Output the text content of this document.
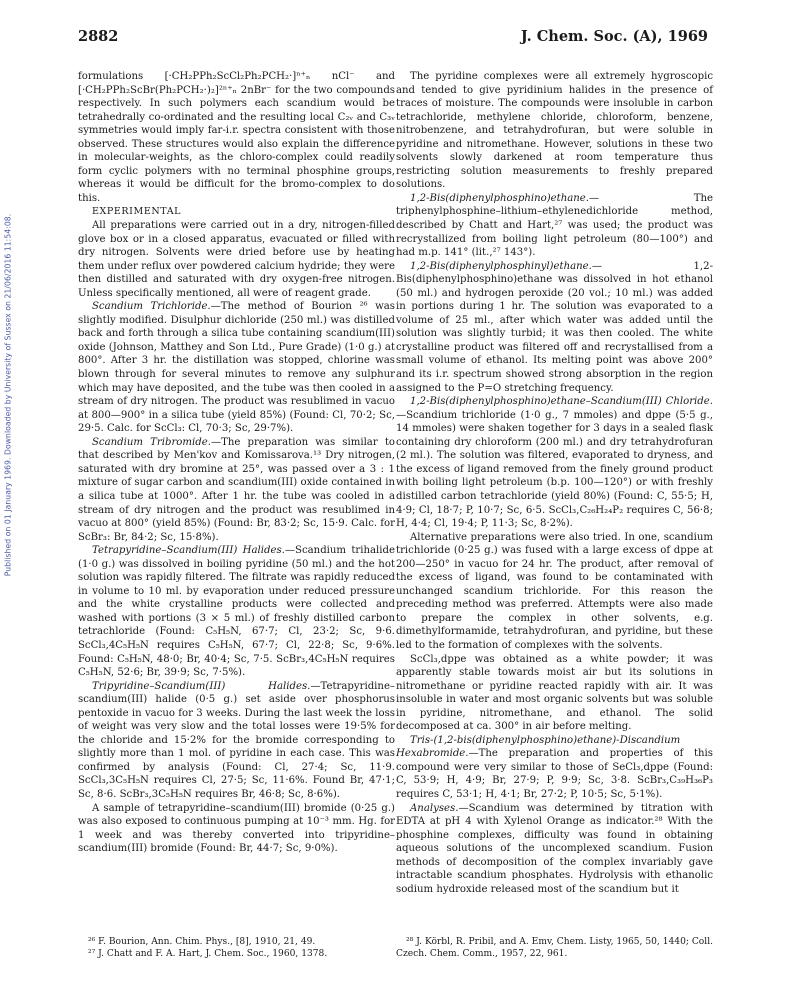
Published on 01 January 1969. Downloaded by University of Sussex on 21/06/2016 11:54:08.
2882	J. Chem. Soc. (A), 1969

formulations [·CH₂PPh₂ScCl₂Ph₂PCH₂·]ⁿ⁺ₙ nCl⁻ and [·CH₂PPh₂ScBr(Ph₂PCH₂·)₂]²ⁿ⁺ₙ 2nBr⁻ for the two compounds respectively. In such polymers each scandium would be tetrahedrally co-ordinated and the resulting local C₂ᵥ and C₃ᵥ symmetries would imply far-i.r. spectra consistent with those observed. These structures would also explain the difference in molecular-weights, as the chloro-complex could readily form cyclic polymers with no terminal phosphine groups, whereas it would be difficult for the bromo-complex to do this.

EXPERIMENTAL

All preparations were carried out in a dry, nitrogen-filled glove box or in a closed apparatus, evacuated or filled with dry nitrogen. Solvents were dried before use by heating them under reflux over powdered calcium hydride; they were then distilled and saturated with dry oxygen-free nitrogen. Unless specifically mentioned, all were of reagent grade.

Scandium Trichloride.—The method of Bourion ²⁶ was slightly modified. Disulphur dichloride (250 ml.) was distilled back and forth through a silica tube containing scandium(III) oxide (Johnson, Matthey and Son Ltd., Pure Grade) (1·0 g.) at 800°. After 3 hr. the distillation was stopped, chlorine was blown through for several minutes to remove any sulphur which may have deposited, and the tube was then cooled in a stream of dry nitrogen. The product was resublimed in vacuo at 800—900° in a silica tube (yield 85%) (Found: Cl, 70·2; Sc, 29·5. Calc. for ScCl₃: Cl, 70·3; Sc, 29·7%).

Scandium Tribromide.—The preparation was similar to that described by Men'kov and Komissarova.¹³ Dry nitrogen, saturated with dry bromine at 25°, was passed over a 3 : 1 mixture of sugar carbon and scandium(III) oxide contained in a silica tube at 1000°. After 1 hr. the tube was cooled in a stream of dry nitrogen and the product was resublimed in vacuo at 800° (yield 85%) (Found: Br, 83·2; Sc, 15·9. Calc. for ScBr₃: Br, 84·2; Sc, 15·8%).

Tetrapyridine–Scandium(III) Halides.—Scandium trihalide (1·0 g.) was dissolved in boiling pyridine (50 ml.) and the hot solution was rapidly filtered. The filtrate was rapidly reduced in volume to 10 ml. by evaporation under reduced pressure and the white crystalline products were collected and washed with portions (3 × 5 ml.) of freshly distilled carbon tetrachloride (Found: C₅H₅N, 67·7; Cl, 23·2; Sc, 9·6. ScCl₃,4C₅H₅N requires C₅H₅N, 67·7; Cl, 22·8; Sc, 9·6%. Found: C₅H₅N, 48·0; Br, 40·4; Sc, 7·5. ScBr₃,4C₅H₅N requires C₅H₅N, 52·6; Br, 39·9; Sc, 7·5%).

Tripyridine–Scandium(III) Halides.—Tetrapyridine–scandium(III) halide (0·5 g.) set aside over phosphorus pentoxide in vacuo for 3 weeks. During the last week the loss of weight was very slow and the total losses were 19·5% for the chloride and 15·2% for the bromide corresponding to slightly more than 1 mol. of pyridine in each case. This was confirmed by analysis (Found: Cl, 27·4; Sc, 11·9. ScCl₃,3C₅H₅N requires Cl, 27·5; Sc, 11·6%. Found Br, 47·1; Sc, 8·6. ScBr₃,3C₅H₅N requires Br, 46·8; Sc, 8·6%).

A sample of tetrapyridine–scandium(III) bromide (0·25 g.) was also exposed to continuous pumping at 10⁻³ mm. Hg. for 1 week and was thereby converted into tripyridine–scandium(III) bromide (Found: Br, 44·7; Sc, 9·0%).

The pyridine complexes were all extremely hygroscopic and tended to give pyridinium halides in the presence of traces of moisture. The compounds were insoluble in carbon tetrachloride, methylene chloride, chloroform, benzene, nitrobenzene, and tetrahydrofuran, but were soluble in pyridine and nitromethane. However, solutions in these two solvents slowly darkened at room temperature thus restricting solution measurements to freshly prepared solutions.

1,2-Bis(diphenylphosphino)ethane.— The triphenylphosphine–lithium–ethylenedichloride method, described by Chatt and Hart,²⁷ was used; the product was recrystallized from boiling light petroleum (80—100°) and had m.p. 141° (lit.,²⁷ 143°).

1,2-Bis(diphenylphosphinyl)ethane.— 1,2-Bis(diphenylphosphino)ethane was dissolved in hot ethanol (50 ml.) and hydrogen peroxide (20 vol.; 10 ml.) was added in portions during 1 hr. The solution was evaporated to a volume of 25 ml., after which water was added until the solution was slightly turbid; it was then cooled. The white crystalline product was filtered off and recrystallised from a small volume of ethanol. Its melting point was above 200° and its i.r. spectrum showed strong absorption in the region assigned to the P=O stretching frequency.

1,2-Bis(diphenylphosphino)ethane–Scandium(III) Chloride.—Scandium trichloride (1·0 g., 7 mmoles) and dppe (5·5 g., 14 mmoles) were shaken together for 3 days in a sealed flask containing dry chloroform (200 ml.) and dry tetrahydrofuran (2 ml.). The solution was filtered, evaporated to dryness, and the excess of ligand removed from the finely ground product with boiling light petroleum (b.p. 100—120°) or with freshly distilled carbon tetrachloride (yield 80%) (Found: C, 55·5; H, 4·9; Cl, 18·7; P, 10·7; Sc, 6·5. ScCl₃,C₂₆H₂₄P₂ requires C, 56·8; H, 4·4; Cl, 19·4; P, 11·3; Sc, 8·2%).

Alternative preparations were also tried. In one, scandium trichloride (0·25 g.) was fused with a large excess of dppe at 200—250° in vacuo for 24 hr. The product, after removal of the excess of ligand, was found to be contaminated with unchanged scandium trichloride. For this reason the preceding method was preferred. Attempts were also made to prepare the complex in other solvents, e.g. dimethylformamide, tetrahydrofuran, and pyridine, but these led to the formation of complexes with the solvents.

ScCl₃,dppe was obtained as a white powder; it was apparently stable towards moist air but its solutions in nitromethane or pyridine reacted rapidly with air. It was insoluble in water and most organic solvents but was soluble in pyridine, nitromethane, and ethanol. The solid decomposed at ca. 300° in air before melting.

Tris-(1,2-bis(diphenylphosphino)ethane)-Discandium Hexabromide.—The preparation and properties of this compound were very similar to those of SeCl₃,dppe (Found: C, 53·9; H, 4·9; Br, 27·9; P, 9·9; Sc, 3·8. ScBr₃,C₃₉H₃₆P₃ requires C, 53·1; H, 4·1; Br, 27·2; P, 10·5; Sc, 5·1%).

Analyses.—Scandium was determined by titration with EDTA at pH 4 with Xylenol Orange as indicator.²⁸ With the phosphine complexes, difficulty was found in obtaining aqueous solutions of the uncomplexed scandium. Fusion methods of decomposition of the complex invariably gave intractable scandium phosphates. Hydrolysis with ethanolic sodium hydroxide released most of the scandium but it

²⁶ F. Bourion, Ann. Chim. Phys., [8], 1910, 21, 49.

²⁷ J. Chatt and F. A. Hart, J. Chem. Soc., 1960, 1378.

²⁸ J. Körbl, R. Pribil, and A. Emv, Chem. Listy, 1965, 50, 1440; Coll. Czech. Chem. Comm., 1957, 22, 961.
